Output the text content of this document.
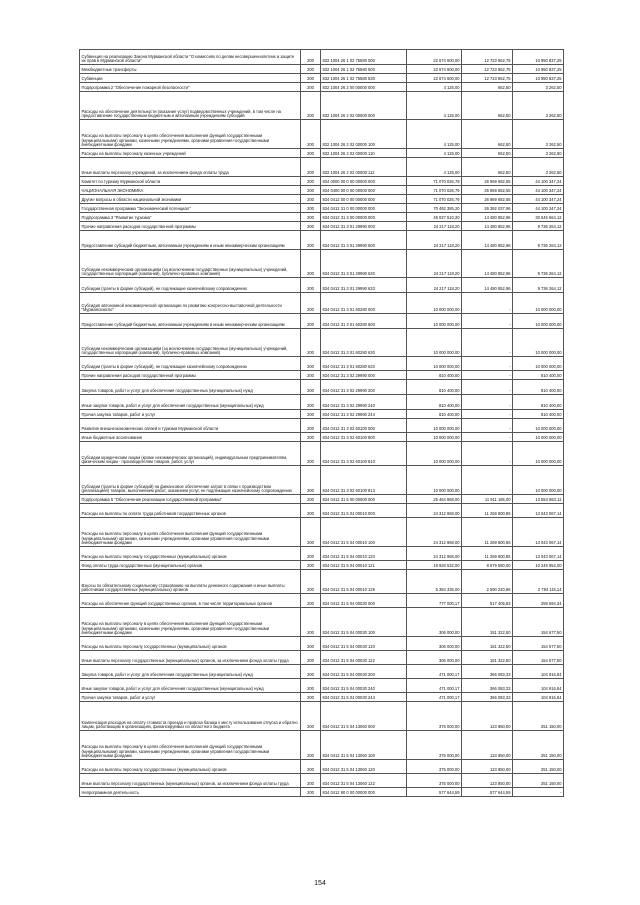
Субвенция на реализацию Закона Мурманской области "О комиссиях по делам несовершеннолетних и защите их прав в Мурманской области"	200	832 1004 26 1 02 75580 000	22 674 600,00	12 723 862,75	10 950 837,25
Межбюджетные трансферты	200	832 1004 26 1 02 75580 500	22 674 600,00	12 723 862,75	10 950 837,25
Субвенции	200	832 1004 26 1 02 75580 530	22 674 600,00	12 723 862,75	10 950 837,25
Подпрограмма 2 "Обеспечение пожарной безопасности"	200	832 1004 26 2 00 00000 000	4 125,00	662,50	3 262,50
Расходы на обеспечение деятельности (оказание услуг) подведомственных учреждений, в том числе на предоставление государственным бюджетным и автономным учреждениям субсидий	200	832 1004 26 2 02 00000 000	4 125,00	662,50	3 262,50
Расходы на выплаты персоналу в целях обеспечения выполнения функций государственными (муниципальными) органами, казенными учреждениями, органами управления государственными внебюджетными фондами	200	832 1004 26 2 02 00000 100	4 125,00	662,50	3 262,50
Расходы на выплаты персоналу казенных учреждений	200	832 1004 26 2 02 00000 110	4 125,00	662,50	3 262,50
Иные выплаты персоналу учреждений, за исключением фонда оплаты труда	200	832 1004 26 2 02 00000 112	4 125,00	662,50	3 262,50
Комитет по туризму Мурманской области	200	834 0000 00 0 00 00000 000	71 070 026,79	26 969 682,55	44 100 347,24
НАЦИОНАЛЬНАЯ ЭКОНОМИКА	200	834 0400 00 0 00 00000 000	71 070 026,79	26 969 682,55	44 100 347,24
Другие вопросы в области национальной экономики	200	834 0412 00 0 00 00000 000	71 070 026,79	26 969 682,55	44 100 347,24
Государственная программа "Экономический потенциал"	200	834 0412 31 0 00 00000 000	70 492 385,20	26 392 037,96	44 100 347,24
Подпрограмма 3 "Развитие туризма"	200	834 0412 31 3 00 00000 000	45 027 510,20	14 480 852,96	30 546 664,12
Прочие направления расходов государственной программы	200	834 0412 31 3 01 29990 000	24 217 118,20	14 480 852,96	9 736 264,12
Предоставление субсидий бюджетным, автономным учреждениям и иным некоммерческим организациям	200	834 0412 31 3 01 29990 600	24 217 118,20	14 480 852,96	9 736 264,12
Субсидии некоммерческим организациям (за исключением государственных (муниципальных) учреждений, государственных корпораций (компаний), публично-правовых компаний)	200	834 0412 31 3 01 29990 630	24 217 118,20	14 480 852,96	9 736 264,12
Субсидии (гранты в форме субсидий), не подлежащие казначейскому сопровождению	200	834 0412 31 3 01 29990 633	24 217 118,20	14 480 852,96	9 736 264,12
Субсидия автономной некоммерческой организации по развитию конгрессно-выставочной деятельности "Мурманскэкспо"	200	834 0412 31 3 01 60280 000	10 000 000,00	-	10 000 000,00
Предоставление субсидий бюджетным, автономным учреждениям и иным некоммерческим организациям	200	834 0412 31 3 01 60280 600	10 000 000,00	-	10 000 000,00
Субсидии некоммерческим организациям (за исключением государственных (муниципальных) учреждений, государственных корпораций (компаний), публично-правовых компаний)	200	834 0412 31 3 01 60280 630	10 000 000,00	-	10 000 000,00
Субсидии (гранты в форме субсидий), не подлежащие казначейскому сопровождению	200	834 0412 31 3 01 60280 633	10 000 000,00	-	10 000 000,00
Прочие направления расходов государственной программы	200	834 0412 31 3 02 29990 000	810 400,00	-	810 400,00
Закупка товаров, работ и услуг для обеспечения государственных (муниципальных) нужд	200	834 0412 31 3 02 29990 200	810 400,00	-	810 400,00
Иные закупки товаров, работ и услуг для обеспечения государственных (муниципальных) нужд	200	834 0412 31 3 02 29990 240	810 400,00	-	810 400,00
Прочая закупка товаров, работ и услуг	200	834 0412 31 3 02 29990 244	810 400,00	-	810 400,00
Развитие внешнеэкономических связей и туризма Мурманской области	200	834 0412 31 3 02 60100 000	10 000 000,00	-	10 000 000,00
Иные бюджетные ассигнования	200	834 0412 31 3 02 60100 800	10 000 000,00	-	10 000 000,00
Субсидии юридическим лицам (кроме некоммерческих организаций), индивидуальным предпринимателям, физическим лицам - производителям товаров, работ, услуг	200	834 0412 31 3 02 60100 810	10 000 000,00	-	10 000 000,00
Субсидии (гранты в форме субсидий) на финансовое обеспечение затрат в связи с производством (реализацией) товаров, выполнением работ, оказанием услуг, не подлежащие казначейскому сопровождению	200	834 0412 31 3 02 60100 813	10 000 000,00	-	10 000 000,00
Подпрограмма 5 "Обеспечение реализации государственной программы"	200	834 0412 31 5 00 00000 000	25 464 868,00	11 911 185,00	13 553 683,12
Расходы на выплаты по оплате труда работников государственных органов	200	834 0412 31 5 04 00010 000	24 312 868,00	11 269 800,86	13 043 067,14
Расходы на выплаты персоналу в целях обеспечения выполнения функций государственными (муниципальными) органами, казенными учреждениями, органами управления государственными внебюджетными фондами	200	834 0412 31 5 04 00010 100	24 312 868,00	11 269 800,86	13 043 067,14
Расходы на выплаты персоналу государственных (муниципальных) органов	200	834 0412 31 5 04 00010 120	24 312 868,00	11 269 800,86	13 043 067,14
Фонд оплаты труда государственных (муниципальных) органов	200	834 0412 31 5 04 00010 121	18 928 532,00	8 679 580,00	10 248 952,00
Взносы по обязательному социальному страхованию на выплаты денежного содержания и иные выплаты работникам государственных (муниципальных) органов	200	834 0412 31 5 04 00010 129	5 384 336,00	2 590 220,86	2 794 115,14
Расходы на обеспечение функций государственных органов, в том числе территориальных органов	200	834 0412 31 5 04 00030 000	777 000,17	517 405,83	259 594,34
Расходы на выплаты персоналу в целях обеспечения выполнения функций государственными (муниципальными) органами, казенными учреждениями, органами управления государственными внебюджетными фондами	200	834 0412 31 5 04 00030 100	306 000,00	151 322,50	154 677,50
Расходы на выплаты персоналу государственных (муниципальных) органов	200	834 0412 31 5 04 00030 120	306 000,00	151 322,50	154 677,50
Иные выплаты персоналу государственных (муниципальных) органов, за исключением фонда оплаты труда	200	834 0412 31 5 04 00030 122	306 000,00	151 322,50	154 677,50
Закупка товаров, работ и услуг для обеспечения государственных (муниципальных) нужд	200	834 0412 31 5 04 00030 200	471 000,17	366 083,33	104 916,84
Иные закупки товаров, работ и услуг для обеспечения государственных (муниципальных) нужд	200	834 0412 31 5 04 00030 240	471 000,17	366 083,33	104 916,84
Прочая закупка товаров, работ и услуг	200	834 0412 31 5 04 00030 244	471 000,17	366 083,33	104 916,84
Компенсация расходов на оплату стоимости проезда и провоза багажа к месту использования отпуска и обратно лицам, работающим в организациях, финансируемых из областного бюджета	200	834 0412 31 5 04 13060 000	375 000,00	123 850,00	251 150,00
Расходы на выплаты персоналу в целях обеспечения выполнения функций государственными (муниципальными) органами, казенными учреждениями, органами управления государственными внебюджетными фондами	200	834 0412 31 5 04 13060 100	375 000,00	123 850,00	251 150,00
Расходы на выплаты персоналу государственных (муниципальных) органов	200	834 0412 31 5 04 13060 120	375 000,00	123 850,00	251 150,00
Иные выплаты персоналу государственных (муниципальных) органов, за исключением фонда оплаты труда	200	834 0412 31 5 04 13060 122	375 000,00	123 850,00	251 150,00
Непрограммная деятельность	200	834 0412 90 0 00 00000 000	577 644,59	577 644,59	-
154
